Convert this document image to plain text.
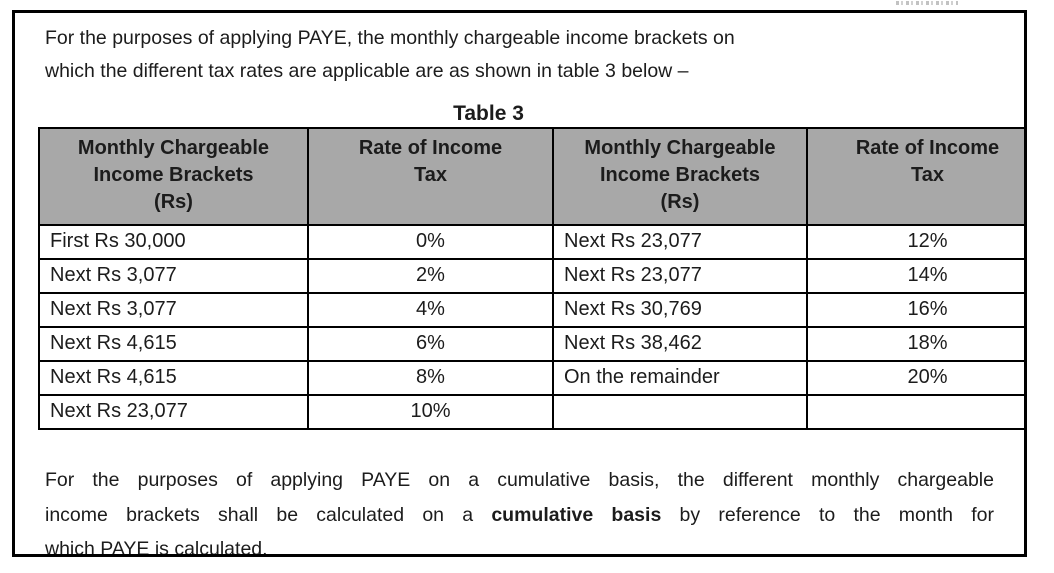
For the purposes of applying PAYE, the monthly chargeable income brackets on
which the different tax rates are applicable are as shown in table 3 below –

Table 3
Monthly Chargeable
Income Brackets
(Rs)

Rate of Income
Tax

Monthly Chargeable
Income Brackets
(Rs)

Rate of Income
Tax

First Rs 30,000	0%	Next Rs 23,077	12%
Next Rs 3,077	2%	Next Rs 23,077	14%
Next Rs 3,077	4%	Next Rs 30,769	16%
Next Rs 4,615	6%	Next Rs 38,462	18%
Next Rs 4,615	8%	On the remainder	20%
Next Rs 23,077	10%		

For the purposes of applying PAYE on a cumulative basis, the different monthly chargeable
income brackets shall be calculated on a cumulative basis by reference to the month for
which PAYE is calculated.
